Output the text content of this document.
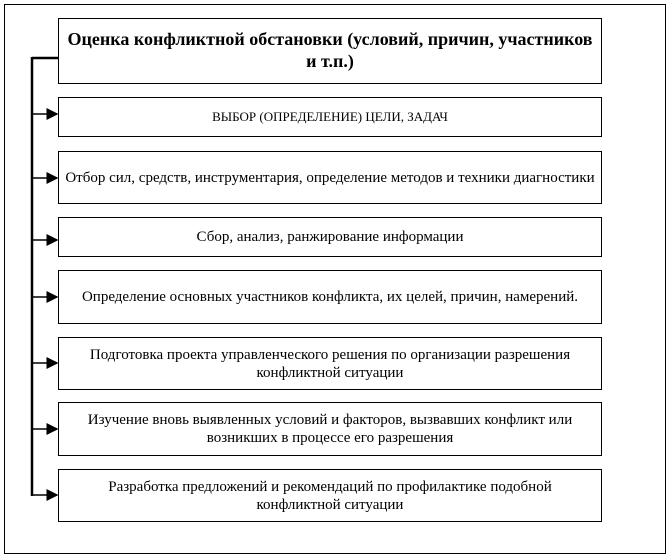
Оценка конфликтной обстановки (условий, причин, участников и т.п.)
ВЫБОР (ОПРЕДЕЛЕНИЕ) ЦЕЛИ, ЗАДАЧ
Отбор сил, средств, инструментария, определение методов и техники диагностики
Сбор, анализ, ранжирование информации
Определение основных участников конфликта, их целей, причин, намерений.
Подготовка проекта управленческого решения по организации разрешения конфликтной ситуации
Изучение вновь выявленных условий и факторов, вызвавших конфликт или возникших в процессе его разрешения
Разработка предложений и рекомендаций по профилактике подобной конфликтной ситуации
